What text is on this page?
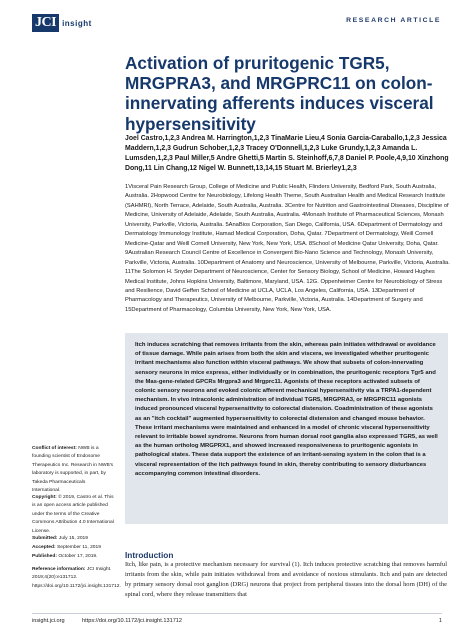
JCI insight	RESEARCH ARTICLE
Activation of pruritogenic TGR5, MRGPRA3, and MRGPRC11 on colon-innervating afferents induces visceral hypersensitivity
Joel Castro,1,2,3 Andrea M. Harrington,1,2,3 TinaMarie Lieu,4 Sonia Garcia-Caraballo,1,2,3 Jessica Maddern,1,2,3 Gudrun Schober,1,2,3 Tracey O'Donnell,1,2,3 Luke Grundy,1,2,3 Amanda L. Lumsden,1,2,3 Paul Miller,5 Andre Ghetti,5 Martin S. Steinhoff,6,7,8 Daniel P. Poole,4,9,10 Xinzhong Dong,11 Lin Chang,12 Nigel W. Bunnett,13,14,15 Stuart M. Brierley1,2,3
1Visceral Pain Research Group, College of Medicine and Public Health, Flinders University, Bedford Park, South Australia, Australia. 2Hopwood Centre for Neurobiology, Lifelong Health Theme, South Australian Health and Medical Research Institute (SAHMRI), North Terrace, Adelaide, South Australia, Australia. 3Centre for Nutrition and Gastrointestinal Diseases, Discipline of Medicine, University of Adelaide, Adelaide, South Australia, Australia. 4Monash Institute of Pharmaceutical Sciences, Monash University, Parkville, Victoria, Australia. 5AnaBios Corporation, San Diego, California, USA. 6Department of Dermatology and Dermatology Immunology Institute, Hamad Medical Corporation, Doha, Qatar. 7Department of Dermatology, Weill Cornell Medicine-Qatar and Weill Cornell University, New York, New York, USA. 8School of Medicine Qatar University, Doha, Qatar. 9Australian Research Council Centre of Excellence in Convergent Bio-Nano Science and Technology, Monash University, Parkville, Victoria, Australia. 10Department of Anatomy and Neuroscience, University of Melbourne, Parkville, Victoria, Australia. 11The Solomon H. Snyder Department of Neuroscience, Center for Sensory Biology, School of Medicine, Howard Hughes Medical Institute, Johns Hopkins University, Baltimore, Maryland, USA. 12G. Oppenheimer Centre for Neurobiology of Stress and Resilience, David Geffen School of Medicine at UCLA, UCLA, Los Angeles, California, USA. 13Department of Pharmacology and Therapeutics, University of Melbourne, Parkville, Victoria, Australia. 14Department of Surgery and 15Department of Pharmacology, Columbia University, New York, New York, USA.
Itch induces scratching that removes irritants from the skin, whereas pain initiates withdrawal or avoidance of tissue damage. While pain arises from both the skin and viscera, we investigated whether pruritogenic irritant mechanisms also function within visceral pathways. We show that subsets of colon-innervating sensory neurons in mice express, either individually or in combination, the pruritogenic receptors Tgr5 and the Mas-gene-related GPCRs Mrgpra3 and Mrgprc11. Agonists of these receptors activated subsets of colonic sensory neurons and evoked colonic afferent mechanical hypersensitivity via a TRPA1-dependent mechanism. In vivo intracolonic administration of individual TGR5, MRGPRA3, or MRGPRC11 agonists induced pronounced visceral hypersensitivity to colorectal distension. Coadministration of these agonists as an "itch cocktail" augmented hypersensitivity to colorectal distension and changed mouse behavior. These irritant mechanisms were maintained and enhanced in a model of chronic visceral hypersensitivity relevant to irritable bowel syndrome. Neurons from human dorsal root ganglia also expressed TGR5, as well as the human ortholog MRGPRX1, and showed increased responsiveness to pruritogenic agonists in pathological states. These data support the existence of an irritant-sensing system in the colon that is a visceral representation of the itch pathways found in skin, thereby contributing to sensory disturbances accompanying common intestinal disorders.
Conflict of interest: NWB is a founding scientist of Endosome Therapeutics Inc. Research in NWB's laboratory is supported, in part, by Takeda Pharmaceuticals International.
Copyright: © 2019, Castro et al. This is an open access article published under the terms of the Creative Commons Attribution 4.0 International License.
Submitted: July 15, 2019
Accepted: September 11, 2019
Published: October 17, 2019.
Reference information: JCI Insight. 2019;4(20):e131712. https://doi.org/10.1172/jci.insight.131712.
Introduction
Itch, like pain, is a protective mechanism necessary for survival (1). Itch induces protective scratching that removes harmful irritants from the skin, while pain initiates withdrawal from and avoidance of noxious stimulants. Itch and pain are detected by primary sensory dorsal root ganglion (DRG) neurons that project from peripheral tissues into the dorsal horn (DH) of the spinal cord, where they release transmitters that
insight.jci.org	https://doi.org/10.1172/jci.insight.131712	1
